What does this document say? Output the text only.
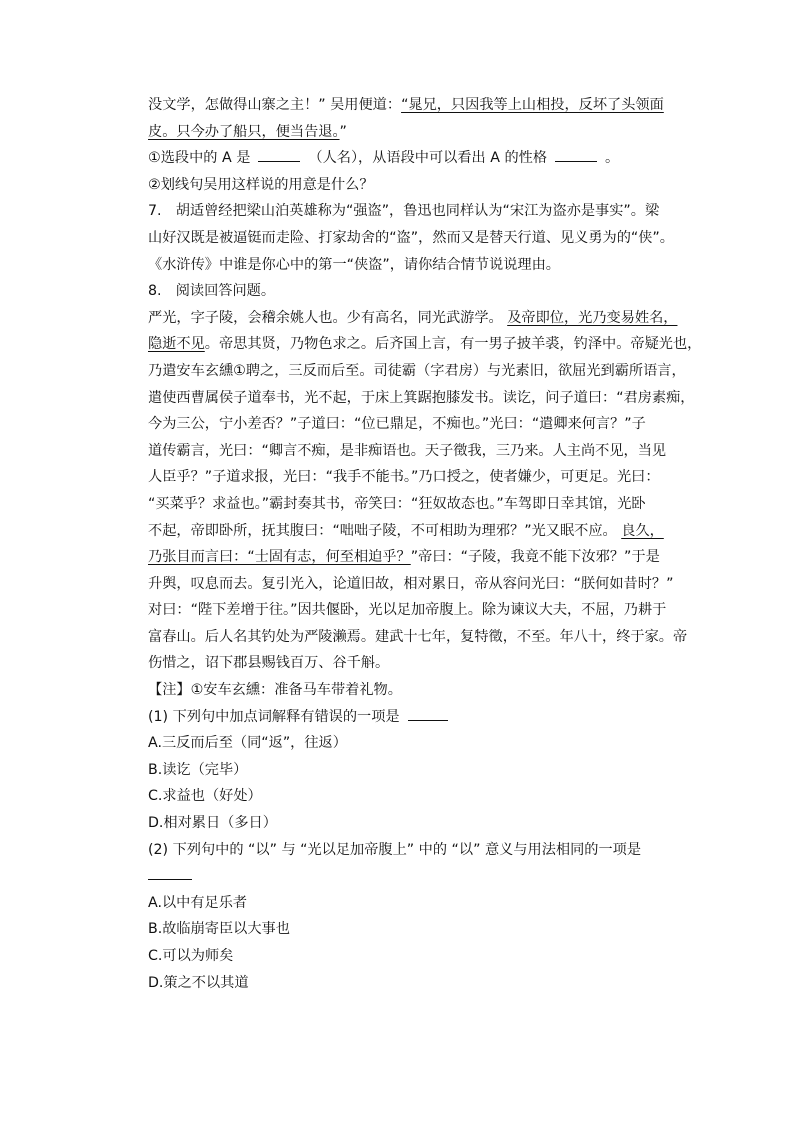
没文学，怎做得山寨之主！” 吴用便道：“晁兄，只因我等上山相投，反坏了头领面
皮。只今办了船只，便当告退。”
①选段中的 A 是	（人名），从语段中可以看出 A 的性格	。
②划线句吴用这样说的用意是什么？
7.　胡适曾经把梁山泊英雄称为“强盗”，鲁迅也同样认为“宋江为盗亦是事实”。梁
山好汉既是被逼铤而走险、打家劫舍的“盗”，然而又是替天行道、见义勇为的“侠”。
《水浒传》中谁是你心中的第一“侠盗”，请你结合情节说说理由。
8.　阅读回答问题。
严光，字子陵，会稽余姚人也。少有高名，同光武游学。 及帝即位，光乃变易姓名，
隐逝不见。帝思其贤，乃物色求之。后齐国上言，有一男子披羊裘，钓泽中。帝疑光也，
乃遣安车玄纁①聘之，三反而后至。司徒霸（字君房）与光素旧，欲屈光到霸所语言，
遣使西曹属侯子道奉书，光不起，于床上箕踞抱膝发书。读讫，问子道曰：“君房素痴，
今为三公，宁小差否？”子道曰：“位已鼎足，不痴也。”光曰：“遣卿来何言？”子
道传霸言，光曰：“卿言不痴，是非痴语也。天子徵我，三乃来。人主尚不见，当见
人臣乎？”子道求报，光曰：“我手不能书。”乃口授之，使者嫌少，可更足。光曰：
“买菜乎？求益也。”霸封奏其书，帝笑曰：“狂奴故态也。”车驾即日幸其馆，光卧
不起，帝即卧所，抚其腹曰：“咄咄子陵，不可相助为理邪？”光又眠不应。 良久，
乃张目而言曰：“士固有志，何至相迫乎？”帝曰：“子陵，我竟不能下汝邪？”于是
升舆，叹息而去。复引光入，论道旧故，相对累日，帝从容问光曰：“朕何如昔时？”
对曰：“陛下差增于往。”因共偃卧，光以足加帝腹上。除为谏议大夫，不屈，乃耕于
富春山。后人名其钓处为严陵濑焉。建武十七年，复特徵，不至。年八十，终于家。帝
伤惜之，诏下郡县赐钱百万、谷千斛。
【注】①安车玄纁：准备马车带着礼物。
(1) 下列句中加点词解释有错误的一项是
A.三反而后至（同“返”，往返）
B.读讫（完毕）
C.求益也（好处）
D.相对累日（多日）
(2) 下列句中的 “以” 与 “光以足加帝腹上” 中的 “以” 意义与用法相同的一项是
A.以中有足乐者
B.故临崩寄臣以大事也
C.可以为师矣
D.策之不以其道
